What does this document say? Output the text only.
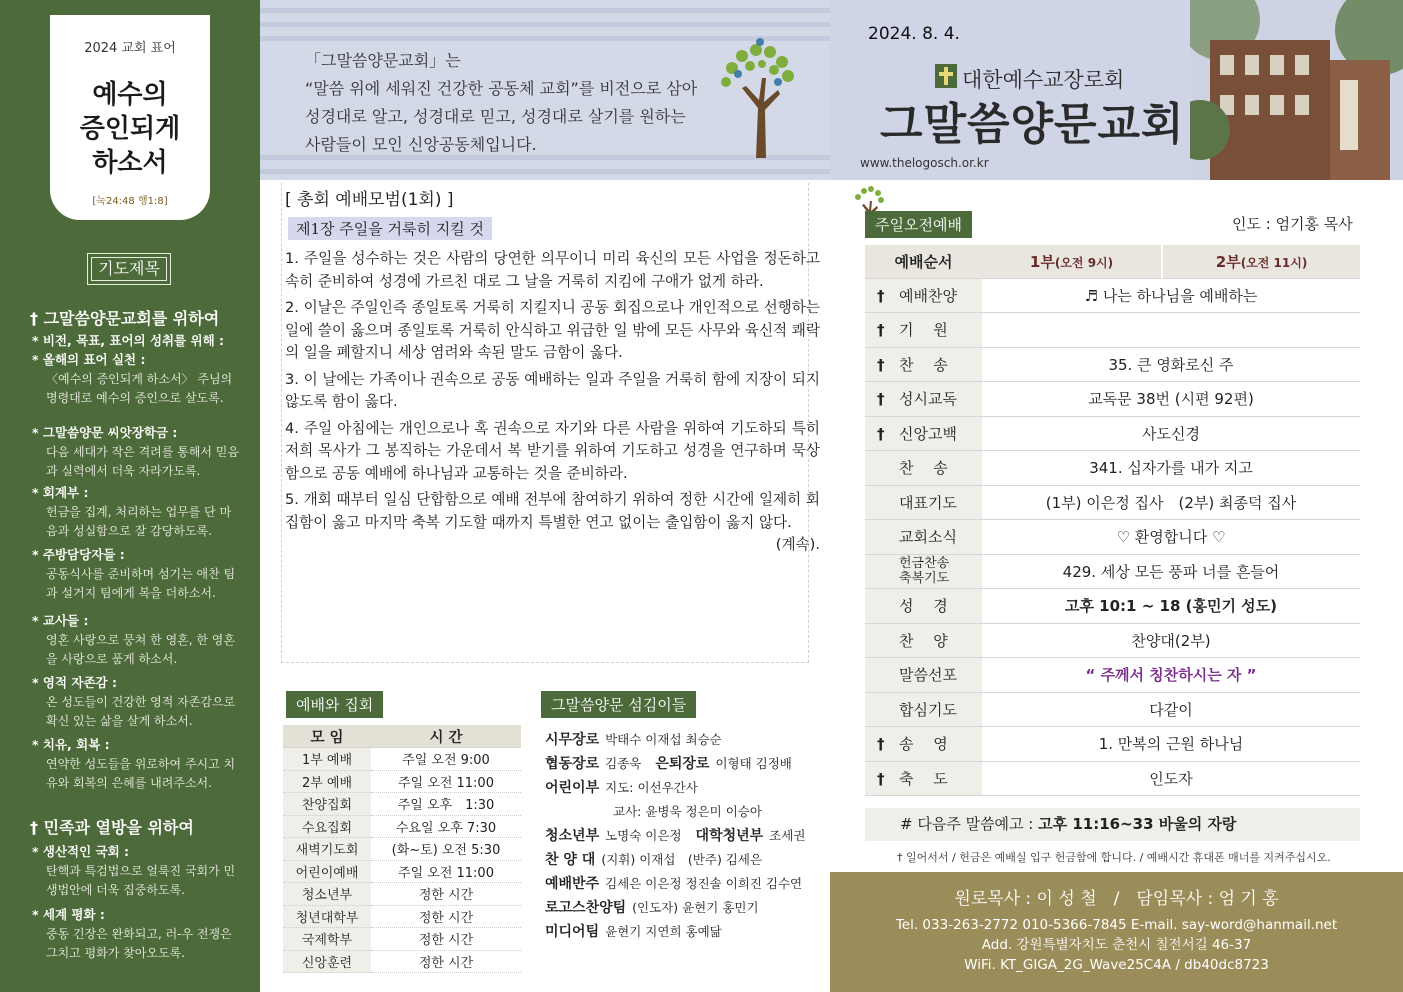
2024 교회 표어
예수의
증인되게
하소서
[눅24:48 행1:8]
기도제목
† 그말씀양문교회를 위하여
† 민족과 열방을 위하여
「그말씀양문교회」는
“말씀 위에 세워진 건강한 공동체 교회”를 비전으로 삼아
성경대로 알고, 성경대로 믿고, 성경대로 살기를 원하는
사람들이 모인 신앙공동체입니다.
2024. 8. 4.
대한예수교장로회
그말씀양문교회
www.thelogosch.or.kr
[ 총회 예배모범(1회) ]
제1장 주일을 거룩히 지킬 것

1. 주일을 성수하는 것은 사람의 당연한 의무이니 미리 육신의 모든 사업을 정돈하고 속히 준비하여 성경에 가르친 대로 그 날을 거룩히 지킴에 구애가 없게 하라.

2. 이날은 주일인즉 종일토록 거룩히 지킬지니 공동 회집으로나 개인적으로 선행하는 일에 쓸이 옳으며 종일토록 거룩히 안식하고 위급한 일 밖에 모든 사무와 육신적 쾌락의 일을 폐할지니 세상 염려와 속된 말도 금함이 옳다.

3. 이 날에는 가족이나 권속으로 공동 예배하는 일과 주일을 거룩히 함에 지장이 되지 않도록 함이 옳다.

4. 주일 아침에는 개인으로나 혹 권속으로 자기와 다른 사람을 위하여 기도하되 특히 저희 목사가 그 봉직하는 가운데서 복 받기를 위하여 기도하고 성경을 연구하며 묵상함으로 공동 예배에 하나님과 교통하는 것을 준비하라.

5. 개회 때부터 일심 단합함으로 예배 전부에 참여하기 위하여 정한 시간에 일제히 회집함이 옳고 마지막 축복 기도할 때까지 특별한 연고 없이는 출입함이 옳지 않다.
(계속).

주일오전예배	인도 : 엄기홍 목사
예배순서	1부(오전 9시)	2부(오전 11시)
† 예배찬양	♬ 나는 하나님을 예배하는	
† 기　 원		
† 찬　 송	35. 큰 영화로신 주	
† 성시교독	교독문 38번 (시편 92편)	
† 신앙고백	사도신경	
찬　 송	341. 십자가를 내가 지고	
대표기도	(1부) 이은정 집사　(2부) 최종덕 집사	
교회소식	♡ 환영합니다 ♡	
헌금찬송 축복기도	429. 세상 모든 풍파 너를 흔들어	
성　 경	고후 10:1 ~ 18 (홍민기 성도)	
찬　 양	찬양대(2부)	
말씀선포	“ 주께서 칭찬하시는 자 ”	
합심기도	다같이	
† 송　 영	1. 만복의 근원 하나님	
† 축　 도	인도자	
# 다음주 말씀예고 : 고후 11:16~33 바울의 자랑
† 일어서서 / 헌금은 예배실 입구 헌금함에 합니다. / 예배시간 휴대폰 매너를 지켜주십시오.
원로목사 : 이 성 철　/　담임목사 : 엄 기 홍
Tel. 033-263-2772 010-5366-7845 E-mail. say-word@hanmail.net
Add. 강원특별자치도 춘천시 칠전서길 46-37
WiFi. KT_GIGA_2G_Wave25C4A / db40dc8723
예배와 집회
모 임	시 간
1부 예배	주일 오전 9:00
2부 예배	주일 오전 11:00
찬양집회	주일 오후　1:30
수요집회	수요일 오후 7:30
새벽기도회	(화~토) 오전 5:30
어린이예배	주일 오전 11:00
청소년부	정한 시간
청년대학부	정한 시간
국제학부	정한 시간
신앙훈련	정한 시간
그말씀양문 섬김이들
시무장로 박태수 이재섭 최승순
협동장로 김종욱 은퇴장로 이형태 김정배
어린이부 지도: 이선우간사
교사: 윤병욱 정은미 이승아
청소년부 노명숙 이은정 대학청년부 조세권
찬 양 대 (지휘) 이재섭　(반주) 김세은
예배반주 김세은 이은정 정진솔 이희진 김수연
로고스찬양팀 (인도자) 윤현기 홍민기
미디어팀 윤현기 지연희 홍예닮
* 비전, 목표, 표어의 성취를 위해 :
* 올해의 표어 실천 :
〈예수의 증인되게 하소서〉 주님의 명령대로 예수의 증인으로 살도록.
* 그말씀양문 씨앗장학금 :
다음 세대가 작은 격려를 통해서 믿음과 실력에서 더욱 자라가도록.
* 회계부 :
헌금을 집계, 처리하는 업무를 단 마음과 성실함으로 잘 감당하도록.
* 주방담당자들 :
공동식사를 준비하며 섬기는 애찬 팀과 설거지 팀에게 복을 더하소서.
* 교사들 :
영혼 사랑으로 뭉쳐 한 영혼, 한 영혼을 사랑으로 품게 하소서.
* 영적 자존감 :
온 성도들이 건강한 영적 자존감으로 확신 있는 삶을 살게 하소서.
* 치유, 회복 :
연약한 성도들을 위로하여 주시고 치유와 회복의 은혜를 내려주소서.
* 생산적인 국회 :
탄핵과 특검법으로 얼룩진 국회가 민생법안에 더욱 집중하도록.
* 세계 평화 :
중동 긴장은 완화되고, 러-우 전쟁은 그치고 평화가 찾아오도록.
